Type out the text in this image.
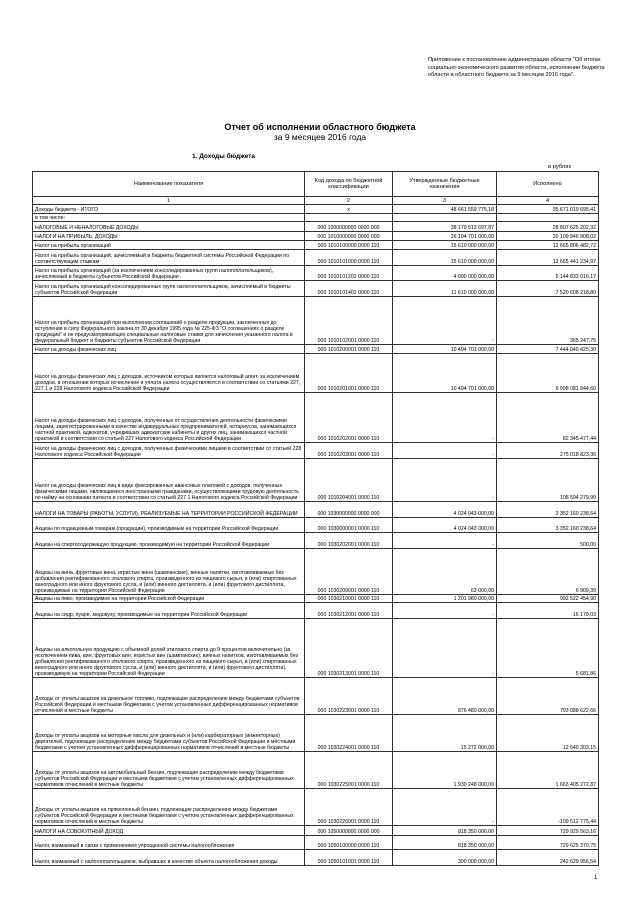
Приложение к постановлению администрации области "Об итогах социально-экономического развития области, исполнении бюджета области и областного бюджета за 9 месяцев 2016 года".
Отчет об исполнении областного бюджета
за 9 месяцев 2016 года
1. Доходы бюджета
в рублях
Наименование показателя	Код дохода по бюджетной классификации	Утвержденные бюджетные назначения	Исполнено
1	2	3	4
Доходы бюджета - ИТОГО	x	48 661 559 775,18	35 671 019 695,41
в том числе:			
НАЛОГОВЫЕ И НЕНАЛОГОВЫЕ ДОХОДЫ	000 1000000000 0000 000	38 179 513 697,87	28 807 625 202,32
НАЛОГИ НА ПРИБЫЛЬ, ДОХОДЫ	000 1010000000 0000 000	26 104 701 000,00	20 109 846 908,02
Налог на прибыль организаций	000 1010100000 0000 110	15 610 000 000,00	12 665 806 482,72
Налог на прибыль организаций, зачисляемый в бюджеты бюджетной системы Российской Федерации по соответствующим ставкам	000 1010101000 0000 110	15 610 000 000,00	12 665 441 234,97
Налог на прибыль организаций (за исключением консолидированных групп налогоплательщиков), зачисляемый в бюджеты субъектов Российской Федерации	000 1010101202 0000 110	4 000 000 000,00	5 144 833 016,17
Налог на прибыль организаций консолидированных групп налогоплательщиков, зачисляемый в бюджеты субъектов Российской Федерации	000 1010101402 0000 110	11 610 000 000,00	7 520 608 218,80
Налог на прибыль организаций при выполнении соглашений о разделе продукции, заключенных до вступления в силу Федерального закона от 30 декабря 1995 года № 225-ФЗ "О соглашениях о разделе продукции" и не предусматривающих специальные налоговые ставки для зачисления указанного налога в федеральный бюджет и бюджеты субъектов Российской Федерации	000 1010102001 0000 110	-	365 247,75
Налог на доходы физических лиц	000 1010200001 0000 110	10 494 701 000,00	7 444 040 425,30
Налог на доходы физических лиц с доходов, источником которых является налоговый агент, за исключением доходов, в отношении которых исчисление и уплата налога осуществляются в соответствии со статьями 227, 227.1 и 228 Налогового кодекса Российской Федерации	000 1010201001 0000 110	10 494 701 000,00	6 998 081 844,60
Налог на доходы физических лиц с доходов, полученных от осуществления деятельности физическими лицами, зарегистрированными в качестве индивидуальных предпринимателей, нотариусов, занимающихся частной практикой, адвокатов, учредивших адвокатские кабинеты и других лиц, занимающихся частной практикой в соответствии со статьей 227 Налогового кодекса Российской Федерации	000 1010202001 0000 110	-	82 345 477,44
Налог на доходы физических лиц с доходов, полученных физическими лицами в соответствии со статьей 228 Налогового кодекса Российской Федерации	000 1010203001 0000 110	-	275 018 823,36
Налог на доходы физических лиц в виде фиксированных авансовых платежей с доходов, полученных физическими лицами, являющимися иностранными гражданами, осуществляющими трудовую деятельность по найму на основании патента в соответствии со статьей 227.1 Налогового кодекса Российской Федерации	000 1010204001 0000 110	-	108 594 279,90
НАЛОГИ НА ТОВАРЫ (РАБОТЫ, УСЛУГИ), РЕАЛИЗУЕМЫЕ НА ТЕРРИТОРИИ РОССИЙСКОЙ ФЕДЕРАЦИИ	000 1030000000 0000 000	4 024 043 000,00	3 352 160 238,64
Акцизы по подакцизным товарам (продукции), производимым на территории Российской Федерации	000 1030000001 0000 110	4 024 043 000,00	3 352 160 238,64
Акцизы на спиртосодержащую продукцию, производимую на территории Российской Федерации	000 1030202001 0000 110	-	500,00
Акцизы на вина, фруктовые вина, игристые вина (шампанские), винные напитки, изготавливаемые без добавления ректификованного этилового спирта, произведенного из пищевого сырья, и (или) спиртованных виноградного или иного фруктового сусла, и (или) винного дистиллята, и (или) фруктового дистиллята, производимые на территории Российской Федерации	000 1030209001 0000 110	63 000,00	6 909,39
Акцизы на пиво, производимое на территории Российской Федерации	000 1030210001 0000 110	1 201 980 000,00	992 522 454,90
Акцизы на сидр, пуаре, медовуху, производимые на территории Российской Федерации	000 1030212001 0000 110	-	16 178,03
Акцизы на алкогольную продукцию с объемной долей этилового спирта до 9 процентов включительно (за исключением пива, вин, фруктовых вин, игристых вин (шампанских), винных напитков, изготавливаемых без добавления ректификованного этилового спирта, произведенного из пищевого сырья, и (или) спиртованных виноградного или иного фруктового сусла, и (или) винного дистиллята, и (или) фруктового дистиллята), производимую на территории Российской Федерации	000 1030213001 0000 110	-	5 681,86
Доходы от уплаты акцизов на дизельное топливо, подлежащие распределению между бюджетами субъектов Российской Федерации и местными бюджетами с учетом установленных дифференцированных нормативов отчислений в местные бюджеты	000 1030223001 0000 110	876 480 000,00	793 088 622,66
Доходы от уплаты акцизов на моторные масла для дизельных и (или) карбюраторных (инжекторных) двигателей, подлежащие распределению между бюджетами субъектов Российской Федерации и местными бюджетами с учетом установленных дифференцированных нормативов отчислений в местные бюджеты	000 1030224001 0000 110	15 272 000,00	12 640 303,15
Доходы от уплаты акцизов на автомобильный бензин, подлежащие распределению между бюджетами субъектов Российской Федерации и местными бюджетами с учетом установленных дифференцированных нормативов отчислений в местные бюджеты	000 1030225001 0000 110	1 930 248 000,00	1 663 405 272,87
Доходы от уплаты акцизов на прямогонный бензин, подлежащие распределению между бюджетами субъектов Российской Федерации и местными бюджетами с учетом установленных дифференцированных нормативов отчислений в местные бюджеты	000 1030226001 0000 110	-	-109 512 775,44
НАЛОГИ НА СОВОКУПНЫЙ ДОХОД	000 1050000000 0000 000	818 350 000,00	729 929 563,16
Налог, взимаемый в связи с применением упрощенной системы налогообложения	000 1050100000 0000 110	818 350 000,00	729 625 370,75
Налог, взимаемый с налогоплательщиков, выбравших в качестве объекта налогообложения доходы	000 1050101001 0000 110	300 000 000,00	242 629 956,54
1
